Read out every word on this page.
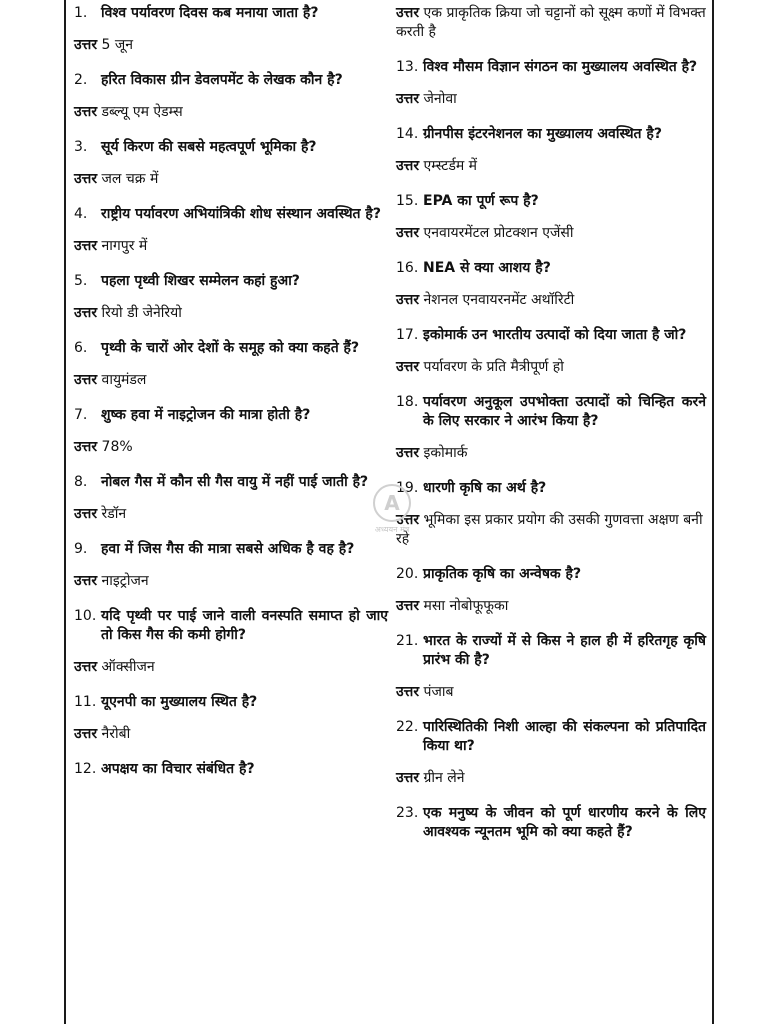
1. विश्व पर्यावरण दिवस कब मनाया जाता है?
उत्तर 5 जून
2. हरित विकास ग्रीन डेवलपमेंट के लेखक कौन है?
उत्तर डब्ल्यू एम ऐडम्स
3. सूर्य किरण की सबसे महत्वपूर्ण भूमिका है?
उत्तर जल चक्र में
4. राष्ट्रीय पर्यावरण अभियांत्रिकी शोध संस्थान अवस्थित है?
उत्तर नागपुर में
5. पहला पृथ्वी शिखर सम्मेलन कहां हुआ?
उत्तर रियो डी जेनेरियो
6. पृथ्वी के चारों ओर देशों के समूह को क्या कहते हैं?
उत्तर वायुमंडल
7. शुष्क हवा में नाइट्रोजन की मात्रा होती है?
उत्तर 78%
8. नोबल गैस में कौन सी गैस वायु में नहीं पाई जाती है?
उत्तर रेडॉन
9. हवा में जिस गैस की मात्रा सबसे अधिक है वह है?
उत्तर नाइट्रोजन
10. यदि पृथ्वी पर पाई जाने वाली वनस्पति समाप्त हो जाए तो किस गैस की कमी होगी?
उत्तर ऑक्सीजन
11. यूएनपी का मुख्यालय स्थित है?
उत्तर नैरोबी
12. अपक्षय का विचार संबंधित है?
उत्तर एक प्राकृतिक क्रिया जो चट्टानों को सूक्ष्म कणों में विभक्त करती है
13. विश्व मौसम विज्ञान संगठन का मुख्यालय अवस्थित है?
उत्तर जेनोवा
14. ग्रीनपीस इंटरनेशनल का मुख्यालय अवस्थित है?
उत्तर एम्स्टर्डम में
15. EPA का पूर्ण रूप है?
उत्तर एनवायरमेंटल प्रोटक्शन एजेंसी
16. NEA से क्या आशय है?
उत्तर नेशनल एनवायरनमेंट अथॉरिटी
17. इकोमार्क उन भारतीय उत्पादों को दिया जाता है जो?
उत्तर पर्यावरण के प्रति मैत्रीपूर्ण हो
18. पर्यावरण अनुकूल उपभोक्ता उत्पादों को चिन्हित करने के लिए सरकार ने आरंभ किया है?
उत्तर इकोमार्क
19. धारणी कृषि का अर्थ है?
उत्तर भूमिका इस प्रकार प्रयोग की उसकी गुणवत्ता अक्षण बनी रहे
20. प्राकृतिक कृषि का अन्वेषक है?
उत्तर मसा नोबोफूफूका
21. भारत के राज्यों में से किस ने हाल ही में हरितगृह कृषि प्रारंभ की है?
उत्तर पंजाब
22. पारिस्थितिकी निशी आल्हा की संकल्पना को प्रतिपादित किया था?
उत्तर ग्रीन लेने
23. एक मनुष्य के जीवन को पूर्ण धारणीय करने के लिए आवश्यक न्यूनतम भूमि को क्या कहते हैं?
A
अध्ययन मंत्र
